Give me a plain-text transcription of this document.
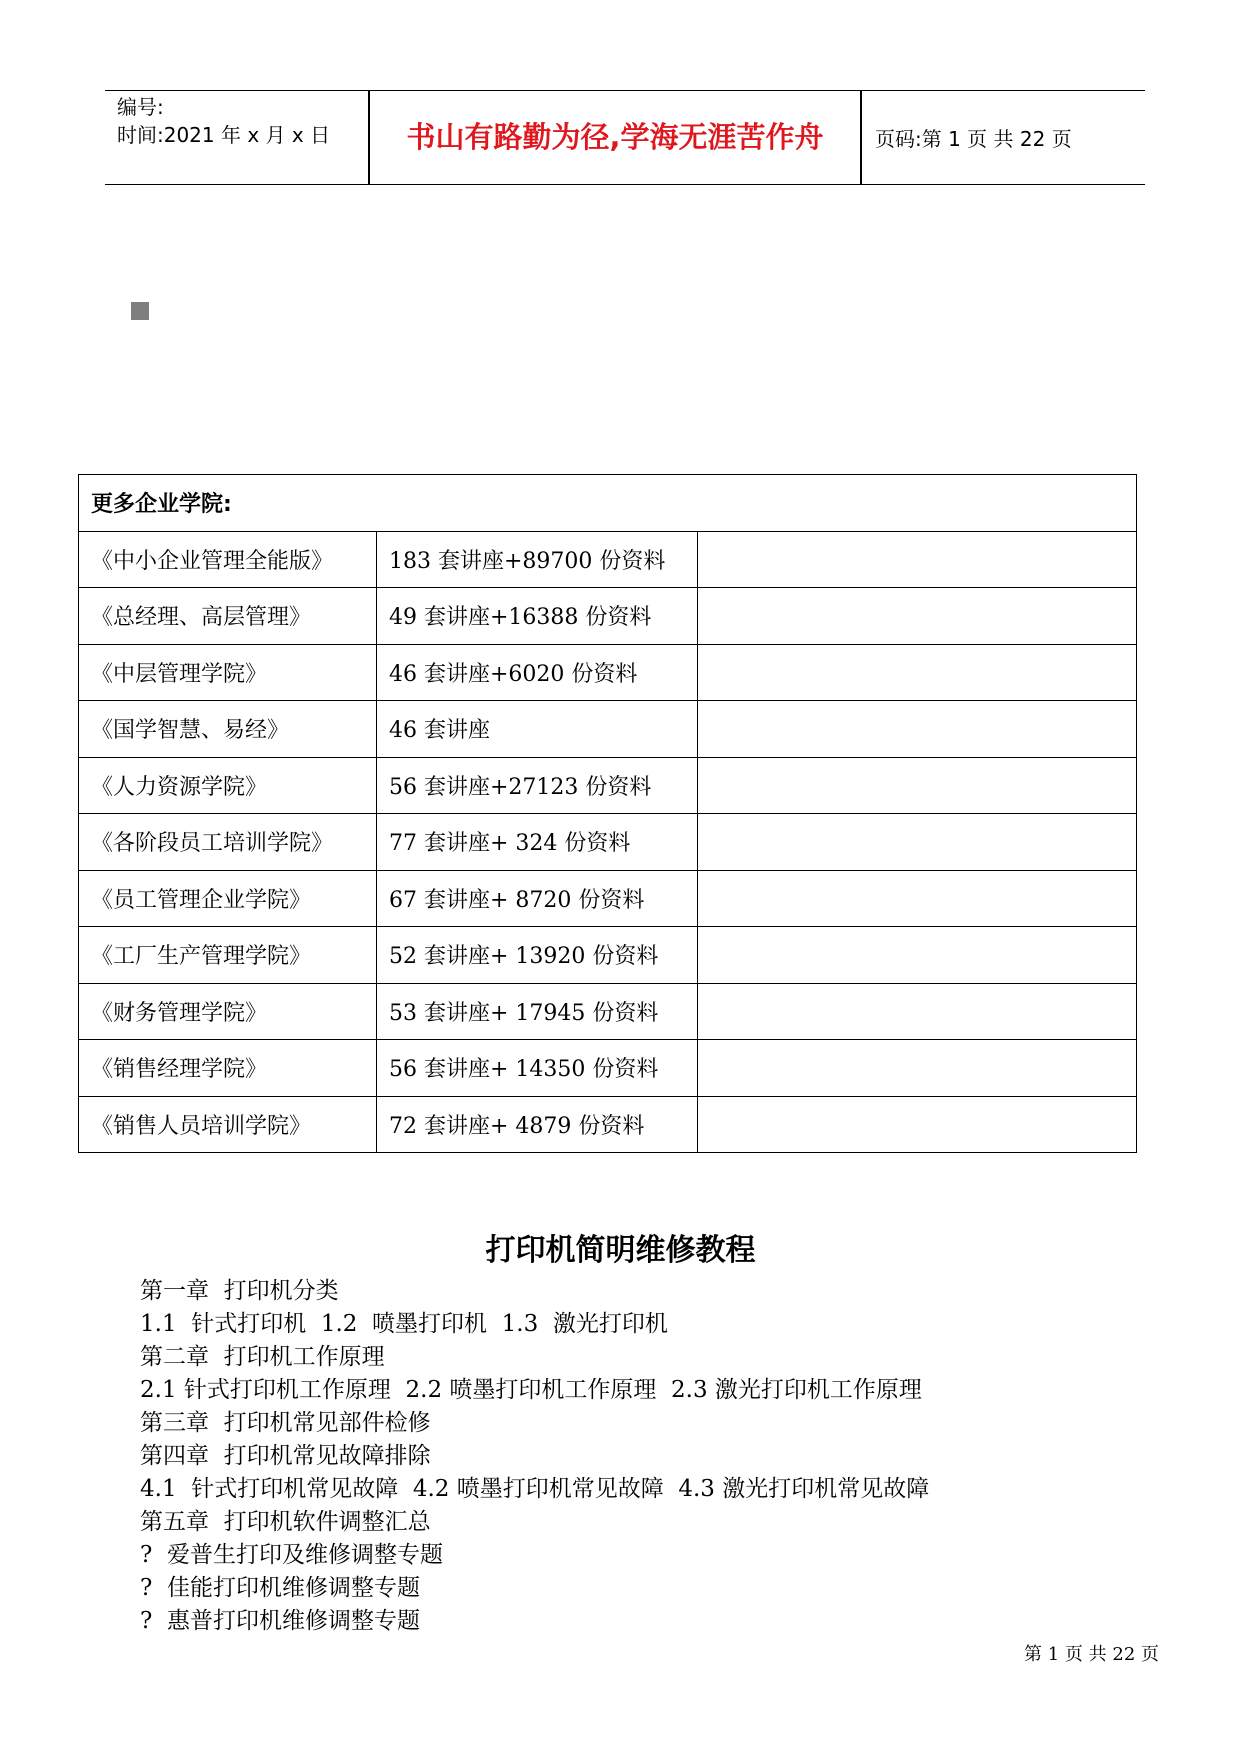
编号:
时间:2021 年 x 月 x 日	书山有路勤为径,学海无涯苦作舟	页码:第 1 页 共 22 页
更多企业学院:		
《中小企业管理全能版》	183 套讲座+89700 份资料	
《总经理、高层管理》	49 套讲座+16388 份资料	
《中层管理学院》	46 套讲座+6020 份资料	
《国学智慧、易经》	46 套讲座	
《人力资源学院》	56 套讲座+27123 份资料	
《各阶段员工培训学院》	77 套讲座+ 324 份资料	
《员工管理企业学院》	67 套讲座+ 8720 份资料	
《工厂生产管理学院》	52 套讲座+ 13920 份资料	
《财务管理学院》	53 套讲座+ 17945 份资料	
《销售经理学院》	56 套讲座+ 14350 份资料	
《销售人员培训学院》	72 套讲座+ 4879 份资料	
打印机简明维修教程
第一章  打印机分类
1.1  针式打印机  1.2  喷墨打印机  1.3  激光打印机
第二章  打印机工作原理
2.1 针式打印机工作原理  2.2 喷墨打印机工作原理  2.3 激光打印机工作原理
第三章  打印机常见部件检修
第四章  打印机常见故障排除
4.1  针式打印机常见故障  4.2 喷墨打印机常见故障  4.3 激光打印机常见故障
第五章  打印机软件调整汇总
?  爱普生打印及维修调整专题
?  佳能打印机维修调整专题
?  惠普打印机维修调整专题
第 1 页 共 22 页
